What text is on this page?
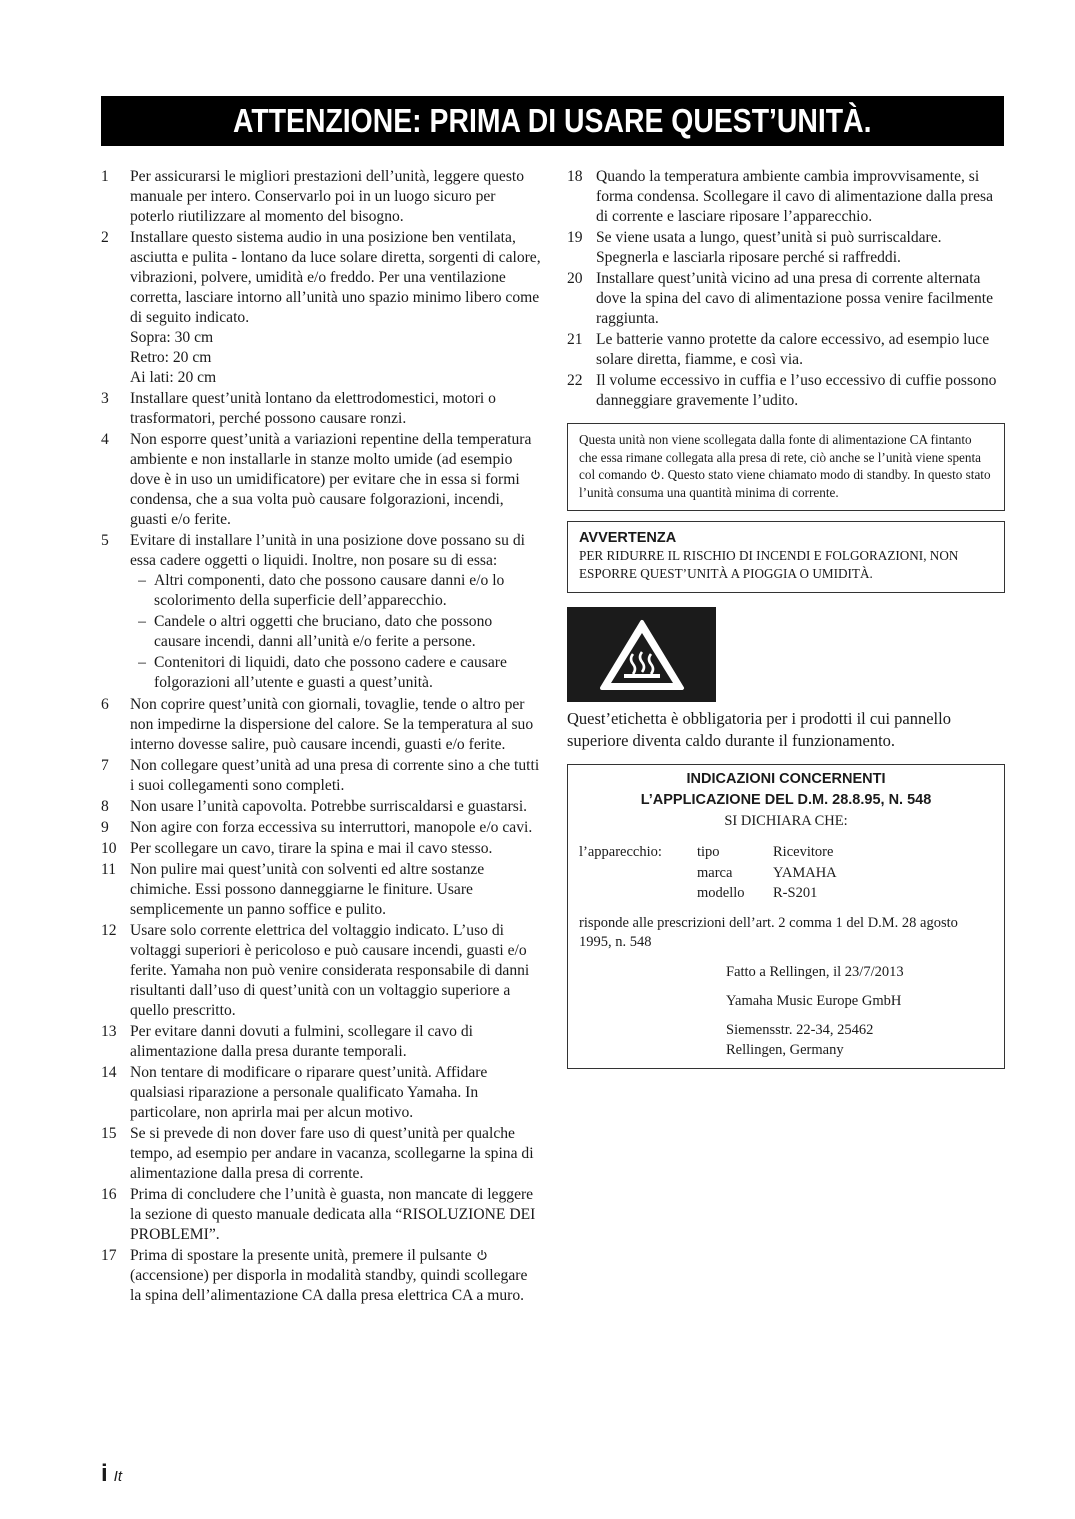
ATTENZIONE: PRIMA DI USARE QUEST’UNITÀ.
1	Per assicurarsi le migliori prestazioni dell’unità, leggere questo manuale per intero. Conservarlo poi in un luogo sicuro per poterlo riutilizzare al momento del bisogno.
2	Installare questo sistema audio in una posizione ben ventilata, asciutta e pulita - lontano da luce solare diretta, sorgenti di calore, vibrazioni, polvere, umidità e/o freddo. Per una ventilazione corretta, lasciare intorno all’unità uno spazio minimo libero come di seguito indicato.
Sopra: 30 cm
Retro: 20 cm
Ai lati: 20 cm
3	Installare quest’unità lontano da elettrodomestici, motori o trasformatori, perché possono causare ronzi.
4	Non esporre quest’unità a variazioni repentine della temperatura ambiente e non installarle in stanze molto umide (ad esempio dove è in uso un umidificatore) per evitare che in essa si formi condensa, che a sua volta può causare folgorazioni, incendi, guasti e/o ferite.
5	Evitare di installare l’unità in una posizione dove possano su di essa cadere oggetti o liquidi. Inoltre, non posare su di essa:
– Altri componenti, dato che possono causare danni e/o lo scolorimento della superficie dell’apparecchio.
– Candele o altri oggetti che bruciano, dato che possono causare incendi, danni all’unità e/o ferite a persone.
– Contenitori di liquidi, dato che possono cadere e causare folgorazioni all’utente e guasti a quest’unità.
6	Non coprire quest’unità con giornali, tovaglie, tende o altro per non impedirne la dispersione del calore. Se la temperatura al suo interno dovesse salire, può causare incendi, guasti e/o ferite.
7	Non collegare quest’unità ad una presa di corrente sino a che tutti i suoi collegamenti sono completi.
8	Non usare l’unità capovolta. Potrebbe surriscaldarsi e guastarsi.
9	Non agire con forza eccessiva su interruttori, manopole e/o cavi.
10 Per scollegare un cavo, tirare la spina e mai il cavo stesso.
11 Non pulire mai quest’unità con solventi ed altre sostanze chimiche. Essi possono danneggiarne le finiture. Usare semplicemente un panno soffice e pulito.
12 Usare solo corrente elettrica del voltaggio indicato. L’uso di voltaggi superiori è pericoloso e può causare incendi, guasti e/o ferite. Yamaha non può venire considerata responsabile di danni risultanti dall’uso di quest’unità con un voltaggio superiore a quello prescritto.
13 Per evitare danni dovuti a fulmini, scollegare il cavo di alimentazione dalla presa durante temporali.
14 Non tentare di modificare o riparare quest’unità. Affidare qualsiasi riparazione a personale qualificato Yamaha. In particolare, non aprirla mai per alcun motivo.
15 Se si prevede di non dover fare uso di quest’unità per qualche tempo, ad esempio per andare in vacanza, scollegarne la spina di alimentazione dalla presa di corrente.
16 Prima di concludere che l’unità è guasta, non mancate di leggere la sezione di questo manuale dedicata alla “RISOLUZIONE DEI PROBLEMI”.
17 Prima di spostare la presente unità, premere il pulsante  (accensione) per disporla in modalità standby, quindi scollegare la spina dell’alimentazione CA dalla presa elettrica CA a muro.
18 Quando la temperatura ambiente cambia improvvisamente, si forma condensa. Scollegare il cavo di alimentazione dalla presa di corrente e lasciare riposare l’apparecchio.
19 Se viene usata a lungo, quest’unità si può surriscaldare. Spegnerla e lasciarla riposare perché si raffreddi.
20 Installare quest’unità vicino ad una presa di corrente alternata dove la spina del cavo di alimentazione possa venire facilmente raggiunta.
21 Le batterie vanno protette da calore eccessivo, ad esempio luce solare diretta, fiamme, e così via.
22 Il volume eccessivo in cuffia e l’uso eccessivo di cuffie possono danneggiare gravemente l’udito.
Questa unità non viene scollegata dalla fonte di alimentazione CA fintanto che essa rimane collegata alla presa di rete, ciò anche se l’unità viene spenta col comando . Questo stato viene chiamato modo di standby. In questo stato l’unità consuma una quantità minima di corrente.
AVVERTENZA
PER RIDURRE IL RISCHIO DI INCENDI E FOLGORAZIONI, NON ESPORRE QUEST’UNITÀ A PIOGGIA O UMIDITÀ.
Quest’etichetta è obbligatoria per i prodotti il cui pannello superiore diventa caldo durante il funzionamento.
INDICAZIONI CONCERNENTI
L’APPLICAZIONE DEL D.M. 28.8.95, N. 548
SI DICHIARA CHE:
l’apparecchio:	tipo	Ricevitore
marca	YAMAHA
modello	R-S201
risponde alle prescrizioni dell’art. 2 comma 1 del D.M. 28 agosto 1995, n. 548
Fatto a Rellingen, il 23/7/2013
Yamaha Music Europe GmbH
Siemensstr. 22-34, 25462
Rellingen, Germany
i It
